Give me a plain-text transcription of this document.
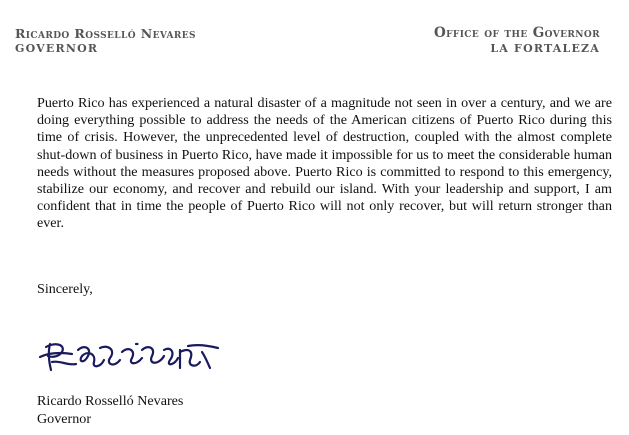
Ricardo Rosselló Nevares
GOVERNOR
Office of the Governor
LA FORTALEZA

Puerto Rico has experienced a natural disaster of a magnitude not seen in over a century, and we are doing everything possible to address the needs of the American citizens of Puerto Rico during this time of crisis. However, the unprecedented level of destruction, coupled with the almost complete shut-down of business in Puerto Rico, have made it impossible for us to meet the considerable human needs without the measures proposed above. Puerto Rico is committed to respond to this emergency, stabilize our economy, and recover and rebuild our island. With your leadership and support, I am confident that in time the people of Puerto Rico will not only recover, but will return stronger than ever.

Sincerely,
Ricardo Rosselló Nevares
Governor
